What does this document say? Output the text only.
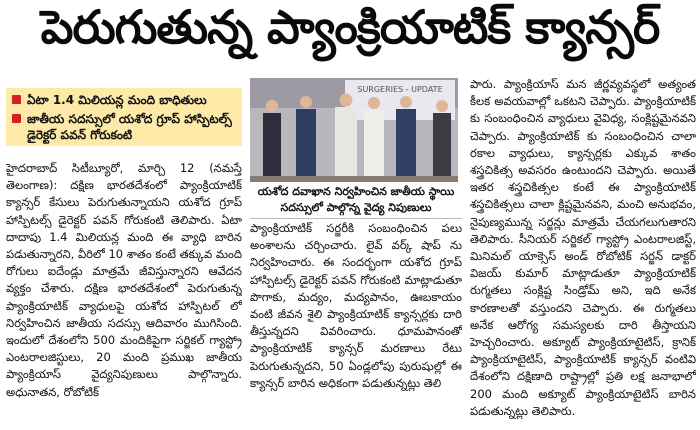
పెరుగుతున్న ప్యాంక్రియాటిక్ క్యాన్సర్
ఏటా 1.4 మిలియన్ల మంది బాధితులు
జాతీయ సదస్సులో యశోద గ్రూప్ హాస్పిటల్స్ డైరెక్టర్ పవన్ గోరుకంటి

హైదరాబాద్ సిటీబ్యూరో, మార్చి 12 (నమస్తే తెలంగాణ): దక్షిణ భారతదేశంలో ప్యాంక్రియాటిక్ క్యాన్సర్ కేసులు పెరుగుతున్నాయని యశోద గ్రూప్ హాస్పిటల్స్ డైరెక్టర్ పవన్ గోరుకంటి తెలిపారు. ఏటా దాదాపు 1.4 మిలియన్ల మంది ఈ వ్యాధి బారిన పడుతున్నారని, వీరిలో 10 శాతం కంటే తక్కువ మంది రోగులు ఐదేండ్లు మాత్రమే జీవిస్తున్నారని ఆవేదన వ్యక్తం చేశారు. దక్షిణ భారతదేశంలో పెరుగుతున్న ప్యాంక్రియాటిక్ వ్యాధులపై యశోద హాస్పిటల్ లో నిర్వహించిన జాతీయ సదస్సు ఆదివారం ముగిసింది. ఇందులో దేశంలోని 500 మందికిపైగా సర్జికల్ గ్యాస్ట్రో ఎంటరాలజిస్టులు, 20 మంది ప్రముఖ జాతీయ ప్యాంక్రియాస్ వైద్యనిపుణులు పాల్గొన్నారు. అధునాతన, రోబోటిక్

SURGERIES - UPDATE
యశోద దవాఖాన నిర్వహించిన జాతీయ స్థాయి సదస్సులో పాల్గొన్న వైద్య నిపుణులు

ప్యాంక్రియాటిక్ సర్జరీకి సంబంధించిన పలు అంశాలను చర్చించారు. లైవ్ వర్క్ షాప్ ను నిర్వహించారు. ఈ సందర్భంగా యశోద గ్రూప్ హాస్పిటల్స్ డైరెక్టర్ పవన్ గోరుకంటి మాట్లాడుతూ పొగాకు, మద్యం, మద్యపానం, ఊబకాయం వంటి జీవన శైలి ప్యాంక్రియాటిక్ క్యాన్సర్లకు దారి తీస్తున్నదని వివరించారు. ధూమపానంతో ప్యాంక్రియాటిక్ క్యాన్సర్ మరణాలు రేటు పెరుగుతున్నదని, 50 ఏండ్లలోపు పురుషుల్లో ఈ క్యాన్సర్ బారిన అధికంగా పడుతున్నట్లు తెలి

పారు. ప్యాంక్రియాస్ మన జీర్ణవ్యవస్థలో అత్యంత కీలక అవయవాల్లో ఒకటని చెప్పారు. ప్యాంక్రియాటిక్ కు సంబంధించిన వ్యాధులు వైవిధ్య, సంక్లిష్టమైనవని చెప్పారు. ప్యాంక్రియాటిక్ కు సంబంధించిన చాలా రకాల వ్యాధులు, క్యాన్సర్లకు ఎక్కువ శాతం శస్త్రచికిత్స అవసరం ఉంటుందని చెప్పారు. అయితే ఇతర శస్త్రచికిత్సల కంటే ఈ ప్యాంక్రియాటిక్ శస్త్రచికిత్సలు చాలా క్లిష్టమైనవని, మంచి అనుభవం, నైపుణ్యమున్న సర్జన్లు మాత్రమే చేయగలుగుతారని తెలిపారు. సీనియర్ సర్జికల్ గ్యాస్ట్రో ఎంటరాలజిస్ట్, మినిమల్ యాక్సెస్ అండ్ రోబోటిక్ సర్జన్ డాక్టర్ విజయ్ కుమార్ మాట్లాడుతూ ప్యాంక్రియాటిక్ రుగ్మతలు సంక్లిష్ట సిండ్రోమ్ అని, ఇది అనేక కారణాలతో వస్తుందని చెప్పారు. ఈ రుగ్మతలు అనేక ఆరోగ్య సమస్యలకు దారి తీస్తాయని హెచ్చరించారు. అక్యూట్ ప్యాంక్రియాటైటిస్, క్రానిక్ ప్యాంక్రియాటైటిస్, ప్యాంక్రియాటిక్ క్యాన్సర్ వంటివి దేశంలోని దక్షిణాది రాష్ట్రాల్లో ప్రతి లక్ష జనాభాలో 200 మంది అక్యూట్ ప్యాంక్రియాటైటిస్ బారిన పడుతున్నట్లు తెలిపారు.
